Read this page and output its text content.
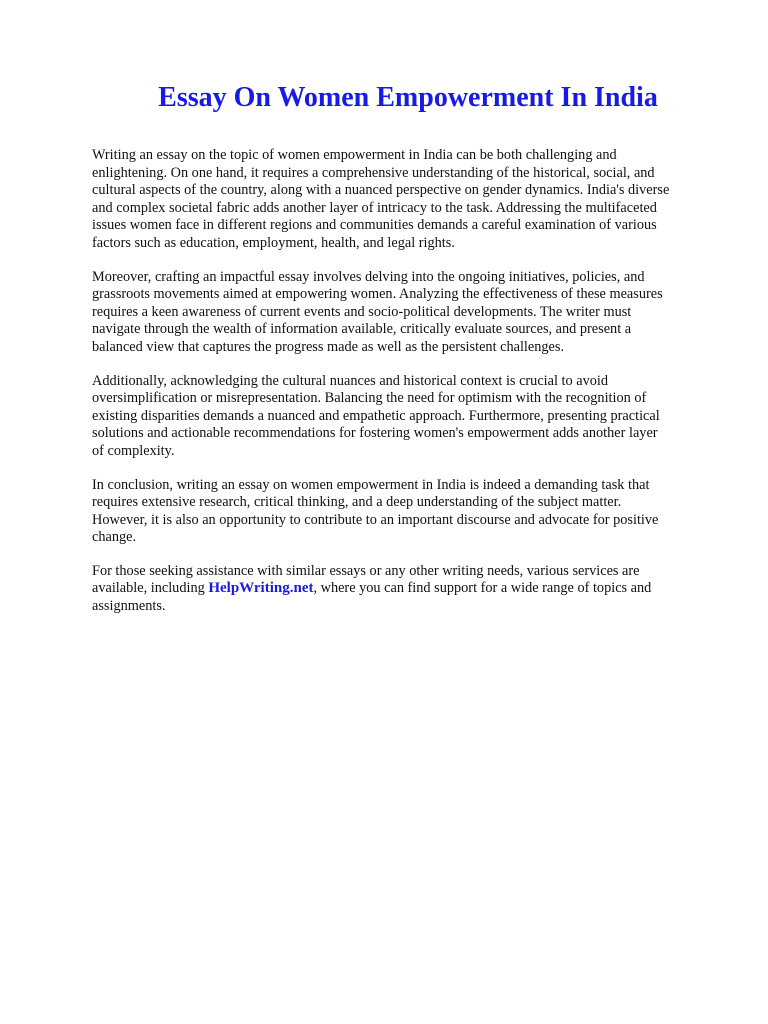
Essay On Women Empowerment In India

Writing an essay on the topic of women empowerment in India can be both challenging and
enlightening. On one hand, it requires a comprehensive understanding of the historical, social, and
cultural aspects of the country, along with a nuanced perspective on gender dynamics. India's diverse
and complex societal fabric adds another layer of intricacy to the task. Addressing the multifaceted
issues women face in different regions and communities demands a careful examination of various
factors such as education, employment, health, and legal rights.

Moreover, crafting an impactful essay involves delving into the ongoing initiatives, policies, and
grassroots movements aimed at empowering women. Analyzing the effectiveness of these measures
requires a keen awareness of current events and socio-political developments. The writer must
navigate through the wealth of information available, critically evaluate sources, and present a
balanced view that captures the progress made as well as the persistent challenges.

Additionally, acknowledging the cultural nuances and historical context is crucial to avoid
oversimplification or misrepresentation. Balancing the need for optimism with the recognition of
existing disparities demands a nuanced and empathetic approach. Furthermore, presenting practical
solutions and actionable recommendations for fostering women's empowerment adds another layer
of complexity.

In conclusion, writing an essay on women empowerment in India is indeed a demanding task that
requires extensive research, critical thinking, and a deep understanding of the subject matter.
However, it is also an opportunity to contribute to an important discourse and advocate for positive
change.

For those seeking assistance with similar essays or any other writing needs, various services are
available, including HelpWriting.net, where you can find support for a wide range of topics and
assignments.
